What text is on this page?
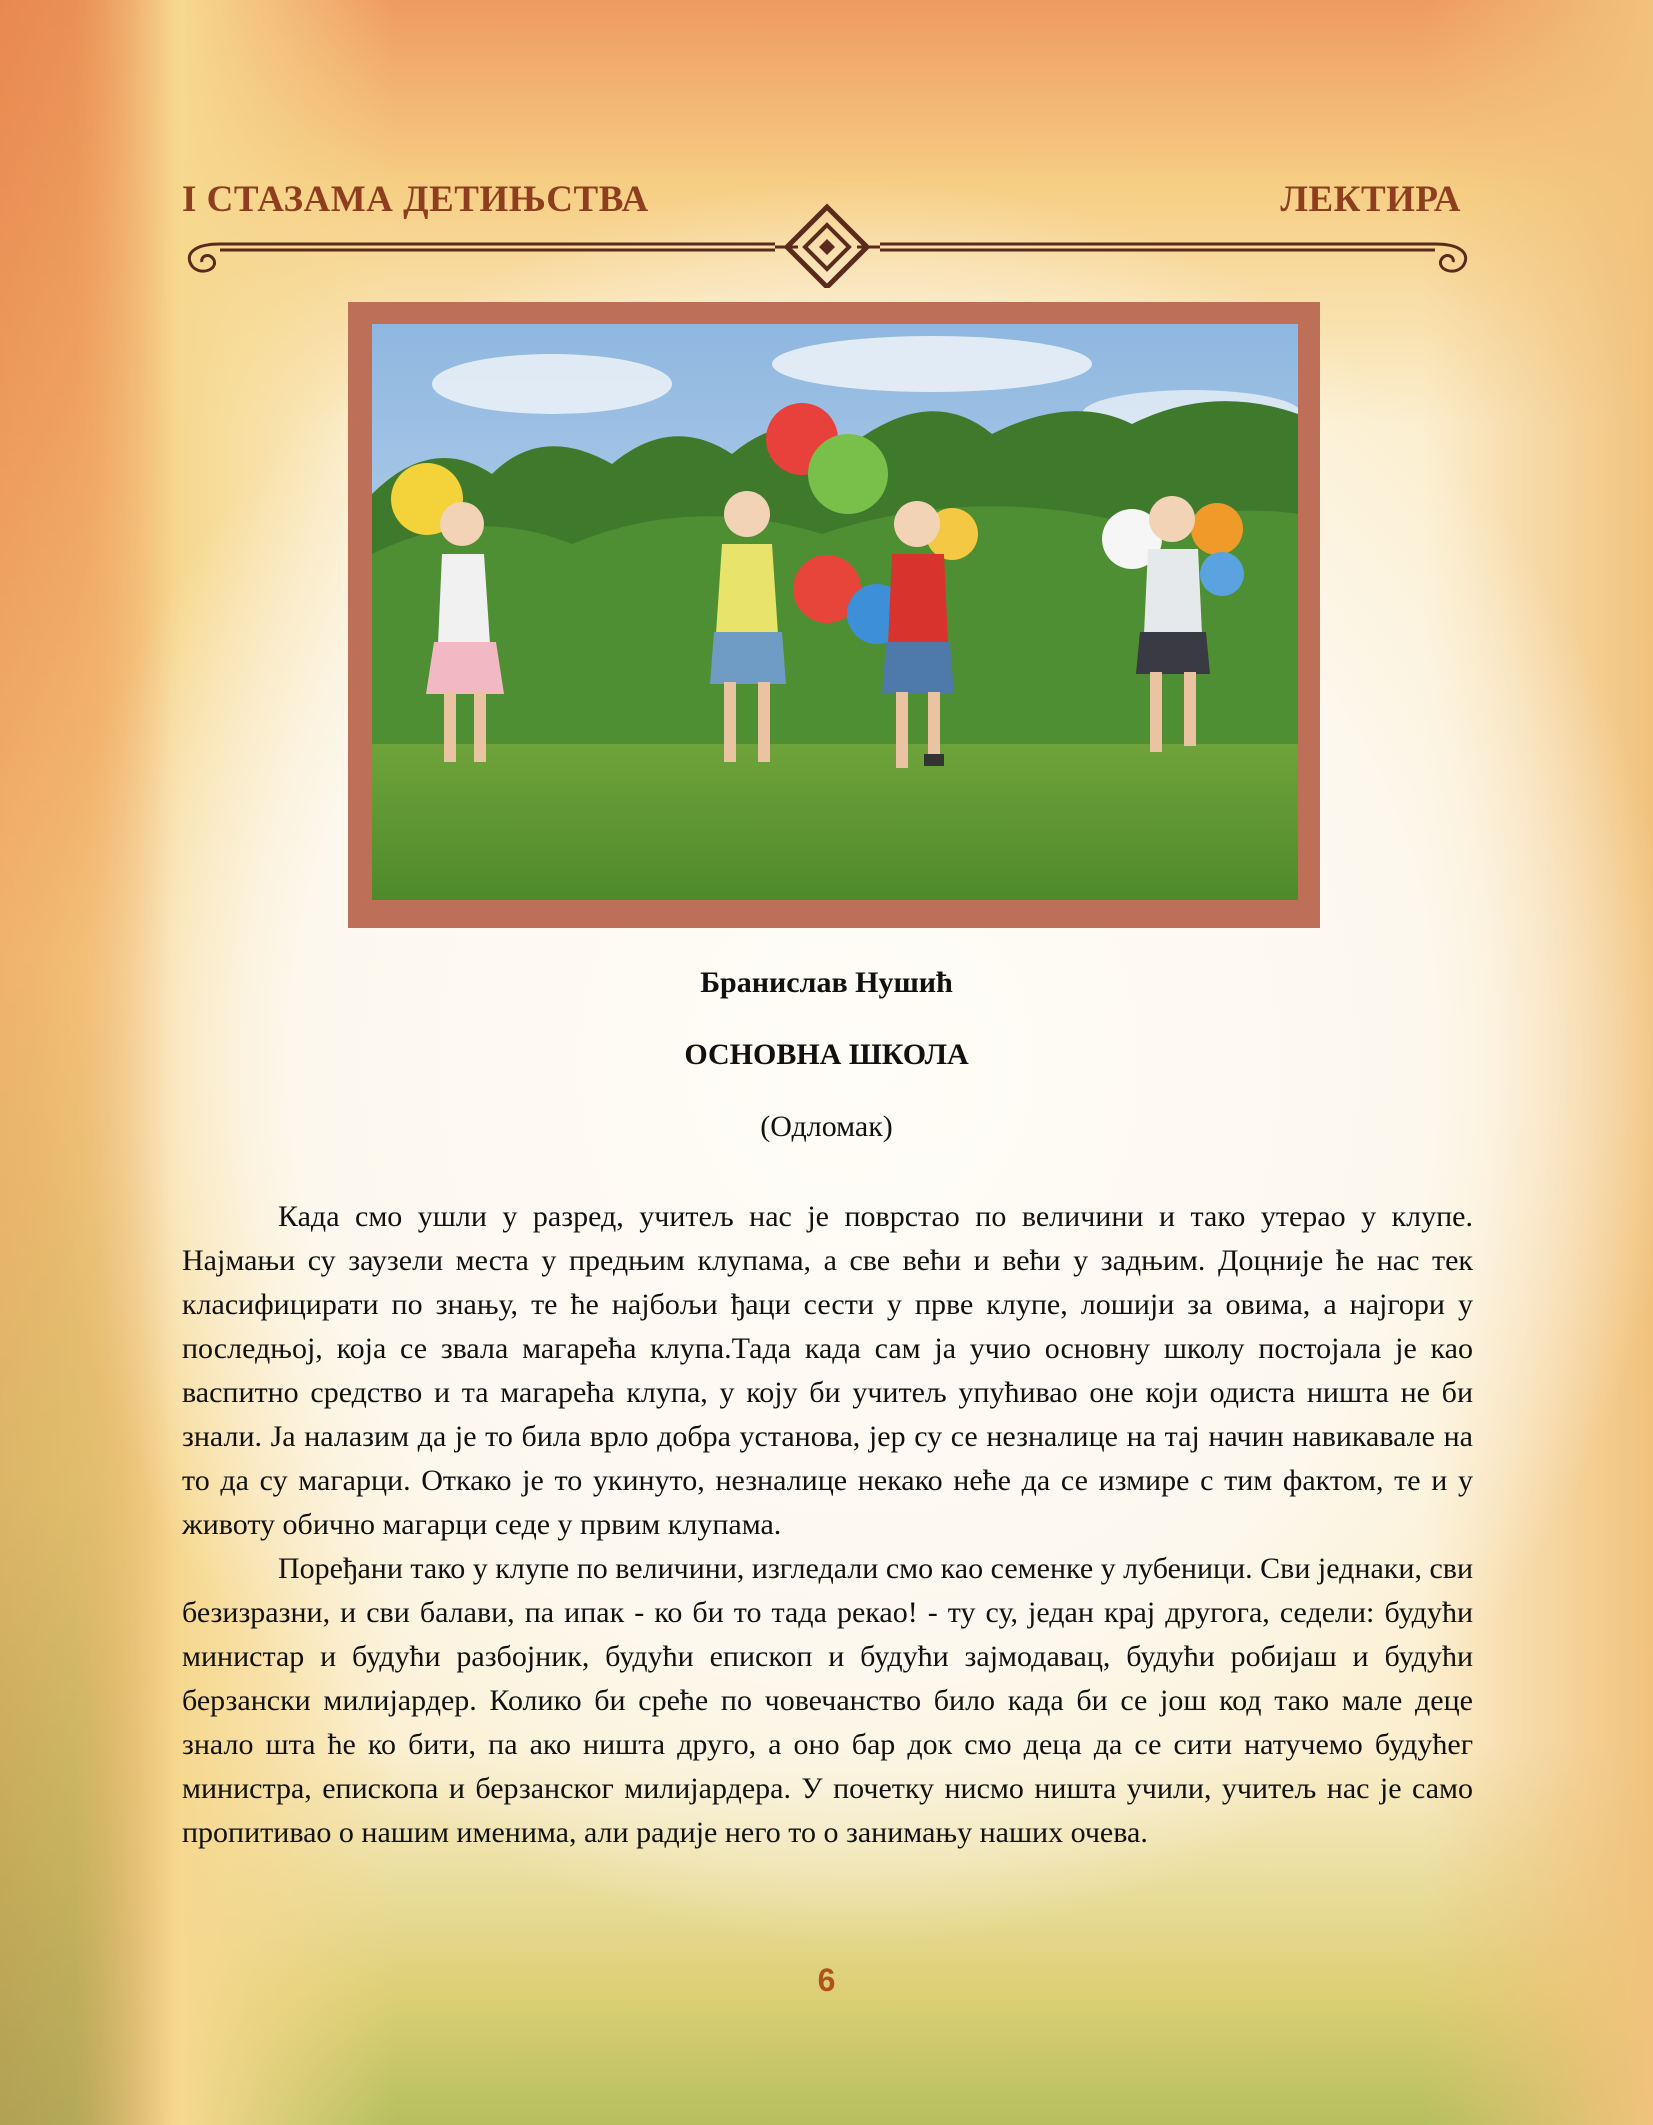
I СТАЗАМА ДЕТИЊСТВА	ЛЕКТИРА
Бранислав Нушић
ОСНОВНА ШКОЛА
(Одломак)

Када смо ушли у разред, учитељ нас је поврстао по величини и тако утерао у клупе. Најмањи су заузели места у предњим клупама, а све већи и већи у задњим. Доцније ће нас тек класифицирати по знању, те ће најбољи ђаци сести у прве клупе, лошији за овима, а најгори у последњој, која се звала магарећа клупа.Тада када сам ја учио основну школу постојала је као васпитно средство и та магарећа клупа, у коју би учитељ упућивао оне који одиста ништа не би знали. Ја налазим да је то била врло добра установа, јер су се незналице на тај начин навикавале на то да су магарци. Откако је то укинуто, незналице некако неће да се измире с тим фактом, те и у животу обично магарци седе у првим клупама.

Поређани тако у клупе по величини, изгледали смо као семенке у лубеници. Сви једнаки, сви безизразни, и сви балави, па ипак - ко би то тада рекао! - ту су, један крај другога, седели: будући министар и будући разбојник, будући епископ и будући зајмодавац, будући робијаш и будући берзански милијардер. Колико би среће по човечанство било када би се још код тако мале деце знало шта ће ко бити, па ако ништа друго, а оно бар док смо деца да се сити натучемо будућег министра, епископа и берзанског милијардера. У почетку нисмо ништа учили, учитељ нас је само пропитивао о нашим именима, али радије него то о занимању наших очева.

6
